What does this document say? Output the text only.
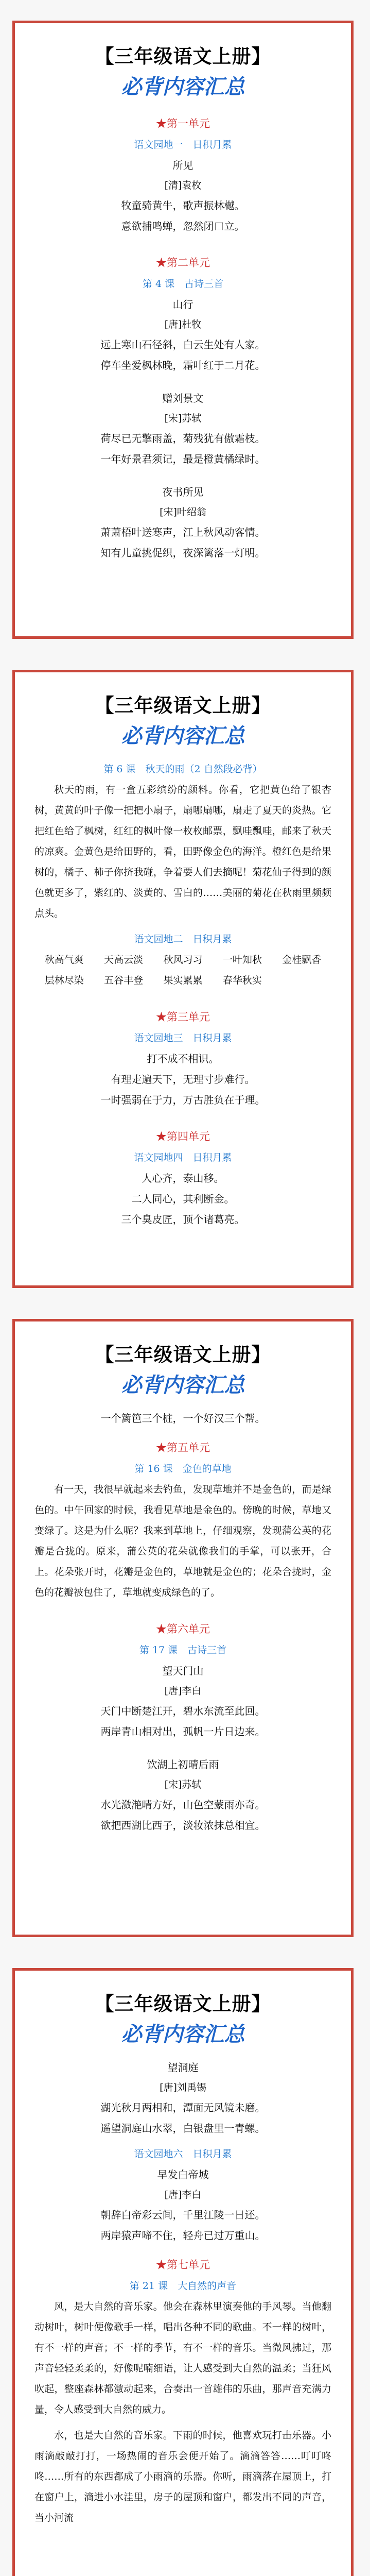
【三年级语文上册】
必背内容汇总
★第一单元
语文园地一　日积月累
所见
[清]袁枚
牧童骑黄牛，歌声振林樾。
意欲捕鸣蝉，忽然闭口立。
★第二单元
第 4 课　古诗三首
山行
[唐]杜牧
远上寒山石径斜，白云生处有人家。
停车坐爱枫林晚，霜叶红于二月花。
赠刘景文
[宋]苏轼
荷尽已无擎雨盖，菊残犹有傲霜枝。
一年好景君须记，最是橙黄橘绿时。
夜书所见
[宋]叶绍翁
萧萧梧叶送寒声，江上秋风动客情。
知有儿童挑促织，夜深篱落一灯明。
【三年级语文上册】
必背内容汇总
第 6 课　秋天的雨（2 自然段必背）
秋天的雨，有一盒五彩缤纷的颜料。你看，它把黄色给了银杏树，黄黄的叶子像一把把小扇子，扇哪扇哪，扇走了夏天的炎热。它把红色给了枫树，红红的枫叶像一枚枚邮票，飘哇飘哇，邮来了秋天的凉爽。金黄色是给田野的，看，田野像金色的海洋。橙红色是给果树的，橘子、柿子你挤我碰，争着要人们去摘呢！菊花仙子得到的颜色就更多了，紫红的、淡黄的、雪白的……美丽的菊花在秋雨里频频点头。
语文园地二　日积月累
秋高气爽	天高云淡	秋风习习	一叶知秋	金桂飘香
层林尽染	五谷丰登	果实累累	春华秋实
★第三单元
语文园地三　日积月累
打不成不相识。
有理走遍天下，无理寸步难行。
一时强弱在于力，万古胜负在于理。
★第四单元
语文园地四　日积月累
人心齐，泰山移。
二人同心，其利断金。
三个臭皮匠，顶个诸葛亮。
【三年级语文上册】
必背内容汇总
一个篱笆三个桩，一个好汉三个帮。
★第五单元
第 16 课　金色的草地
有一天，我很早就起来去钓鱼，发现草地并不是金色的，而是绿色的。中午回家的时候，我看见草地是金色的。傍晚的时候，草地又变绿了。这是为什么呢？我来到草地上，仔细观察，发现蒲公英的花瓣是合拢的。原来，蒲公英的花朵就像我们的手掌，可以张开，合上。花朵张开时，花瓣是金色的，草地就是金色的；花朵合拢时，金色的花瓣被包住了，草地就变成绿色的了。
★第六单元
第 17 课　古诗三首
望天门山
[唐]李白
天门中断楚江开，碧水东流至此回。
两岸青山相对出，孤帆一片日边来。
饮湖上初晴后雨
[宋]苏轼
水光潋滟晴方好，山色空蒙雨亦奇。
欲把西湖比西子，淡妆浓抹总相宜。
【三年级语文上册】
必背内容汇总
望洞庭
[唐]刘禹锡
湖光秋月两相和，潭面无风镜未磨。
遥望洞庭山水翠，白银盘里一青螺。
语文园地六　日积月累
早发白帝城
[唐]李白
朝辞白帝彩云间，千里江陵一日还。
两岸猿声啼不住，轻舟已过万重山。
★第七单元
第 21 课　大自然的声音
风，是大自然的音乐家。他会在森林里演奏他的手风琴。当他翻动树叶，树叶便像歌手一样，唱出各种不同的歌曲。不一样的树叶，有不一样的声音；不一样的季节，有不一样的音乐。当微风拂过，那声音轻轻柔柔的，好像呢喃细语，让人感受到大自然的温柔；当狂风吹起，整座森林都激动起来，合奏出一首雄伟的乐曲，那声音充满力量，令人感受到大自然的威力。
水，也是大自然的音乐家。下雨的时候，他喜欢玩打击乐器。小雨滴敲敲打打，一场热闹的音乐会便开始了。滴滴答答……叮叮咚咚……所有的东西都成了小雨滴的乐器。你听，雨滴落在屋顶上，打在窗户上，滴进小水洼里，房子的屋顶和窗户，都发出不同的声音，当小河流
